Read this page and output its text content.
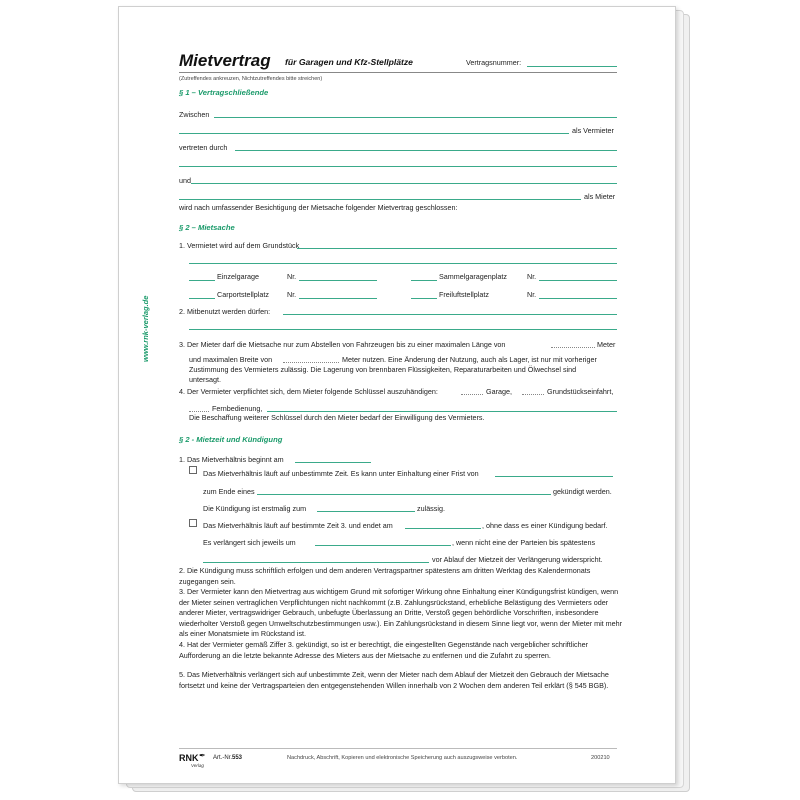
www.rnk-verlag.de
Mietvertrag für Garagen und Kfz-Stellplätze	Vertragsnummer:
(Zutreffendes ankreuzen, Nichtzutreffendes bitte streichen)
§ 1 – Vertragschließende
Zwischen
als Vermieter
vertreten durch
und
als Mieter
wird nach umfassender Besichtigung der Mietsache folgender Mietvertrag geschlossen:
§ 2 – Mietsache
1. Vermietet wird auf dem Grundstück
Einzelgarage	Nr.	Sammelgaragenplatz	Nr.
Carportstellplatz	Nr.	Freiluftstellplatz	Nr.
2. Mitbenutzt werden dürfen:
3. Der Mieter darf die Mietsache nur zum Abstellen von Fahrzeugen bis zu einer maximalen Länge von	Meter
und maximalen Breite von	Meter nutzen. Eine Änderung der Nutzung, auch als Lager, ist nur mit vorheriger
Zustimmung des Vermieters zulässig. Die Lagerung von brennbaren Flüssigkeiten, Reparaturarbeiten und Ölwechsel sind
untersagt.
4. Der Vermieter verpflichtet sich, dem Mieter folgende Schlüssel auszuhändigen:	Garage,	Grundstückseinfahrt,
Fernbedienung,
Die Beschaffung weiterer Schlüssel durch den Mieter bedarf der Einwilligung des Vermieters.
§ 2 - Mietzeit und Kündigung
1. Das Mietverhältnis beginnt am
Das Mietverhältnis läuft auf unbestimmte Zeit. Es kann unter Einhaltung einer Frist von
zum Ende eines	gekündigt werden.
Die Kündigung ist erstmalig zum	zulässig.
Das Mietverhältnis läuft auf bestimmte Zeit 3. und endet am	, ohne dass es einer Kündigung bedarf.
Es verlängert sich jeweils um	, wenn nicht eine der Parteien bis spätestens
vor Ablauf der Mietzeit der Verlängerung widerspricht.
2. Die Kündigung muss schriftlich erfolgen und dem anderen Vertragspartner spätestens am dritten Werktag des Kalendermonats zugegangen sein.
3. Der Vermieter kann den Mietvertrag aus wichtigem Grund mit sofortiger Wirkung ohne Einhaltung einer Kündigungsfrist kündigen, wenn der Mieter seinen vertraglichen Verpflichtungen nicht nachkommt (z.B. Zahlungsrückstand, erhebliche Belästigung des Vermieters oder anderer Mieter, vertragswidriger Gebrauch, unbefugte Überlassung an Dritte, Verstoß gegen behördliche Vorschriften, insbesondere wiederholter Verstoß gegen Umweltschutzbestimmungen usw.). Ein Zahlungsrückstand in diesem Sinne liegt vor, wenn der Mieter mit mehr als einer Monatsmiete im Rückstand ist.
4. Hat der Vermieter gemäß Ziffer 3. gekündigt, so ist er berechtigt, die eingestellten Gegenstände nach vergeblicher schriftlicher Aufforderung an die letzte bekannte Adresse des Mieters aus der Mietsache zu entfernen und die Zufahrt zu sperren.
5. Das Mietverhältnis verlängert sich auf unbestimmte Zeit, wenn der Mieter nach dem Ablauf der Mietzeit den Gebrauch der Mietsache fortsetzt und keine der Vertragsparteien den entgegenstehenden Willen innerhalb von 2 Wochen dem anderen Teil erklärt (§ 545 BGB).
RNK
Verlag
✒ Art.-Nr. 553	Nachdruck, Abschrift, Kopieren und elektronische Speicherung auch auszugsweise verboten.	200210
